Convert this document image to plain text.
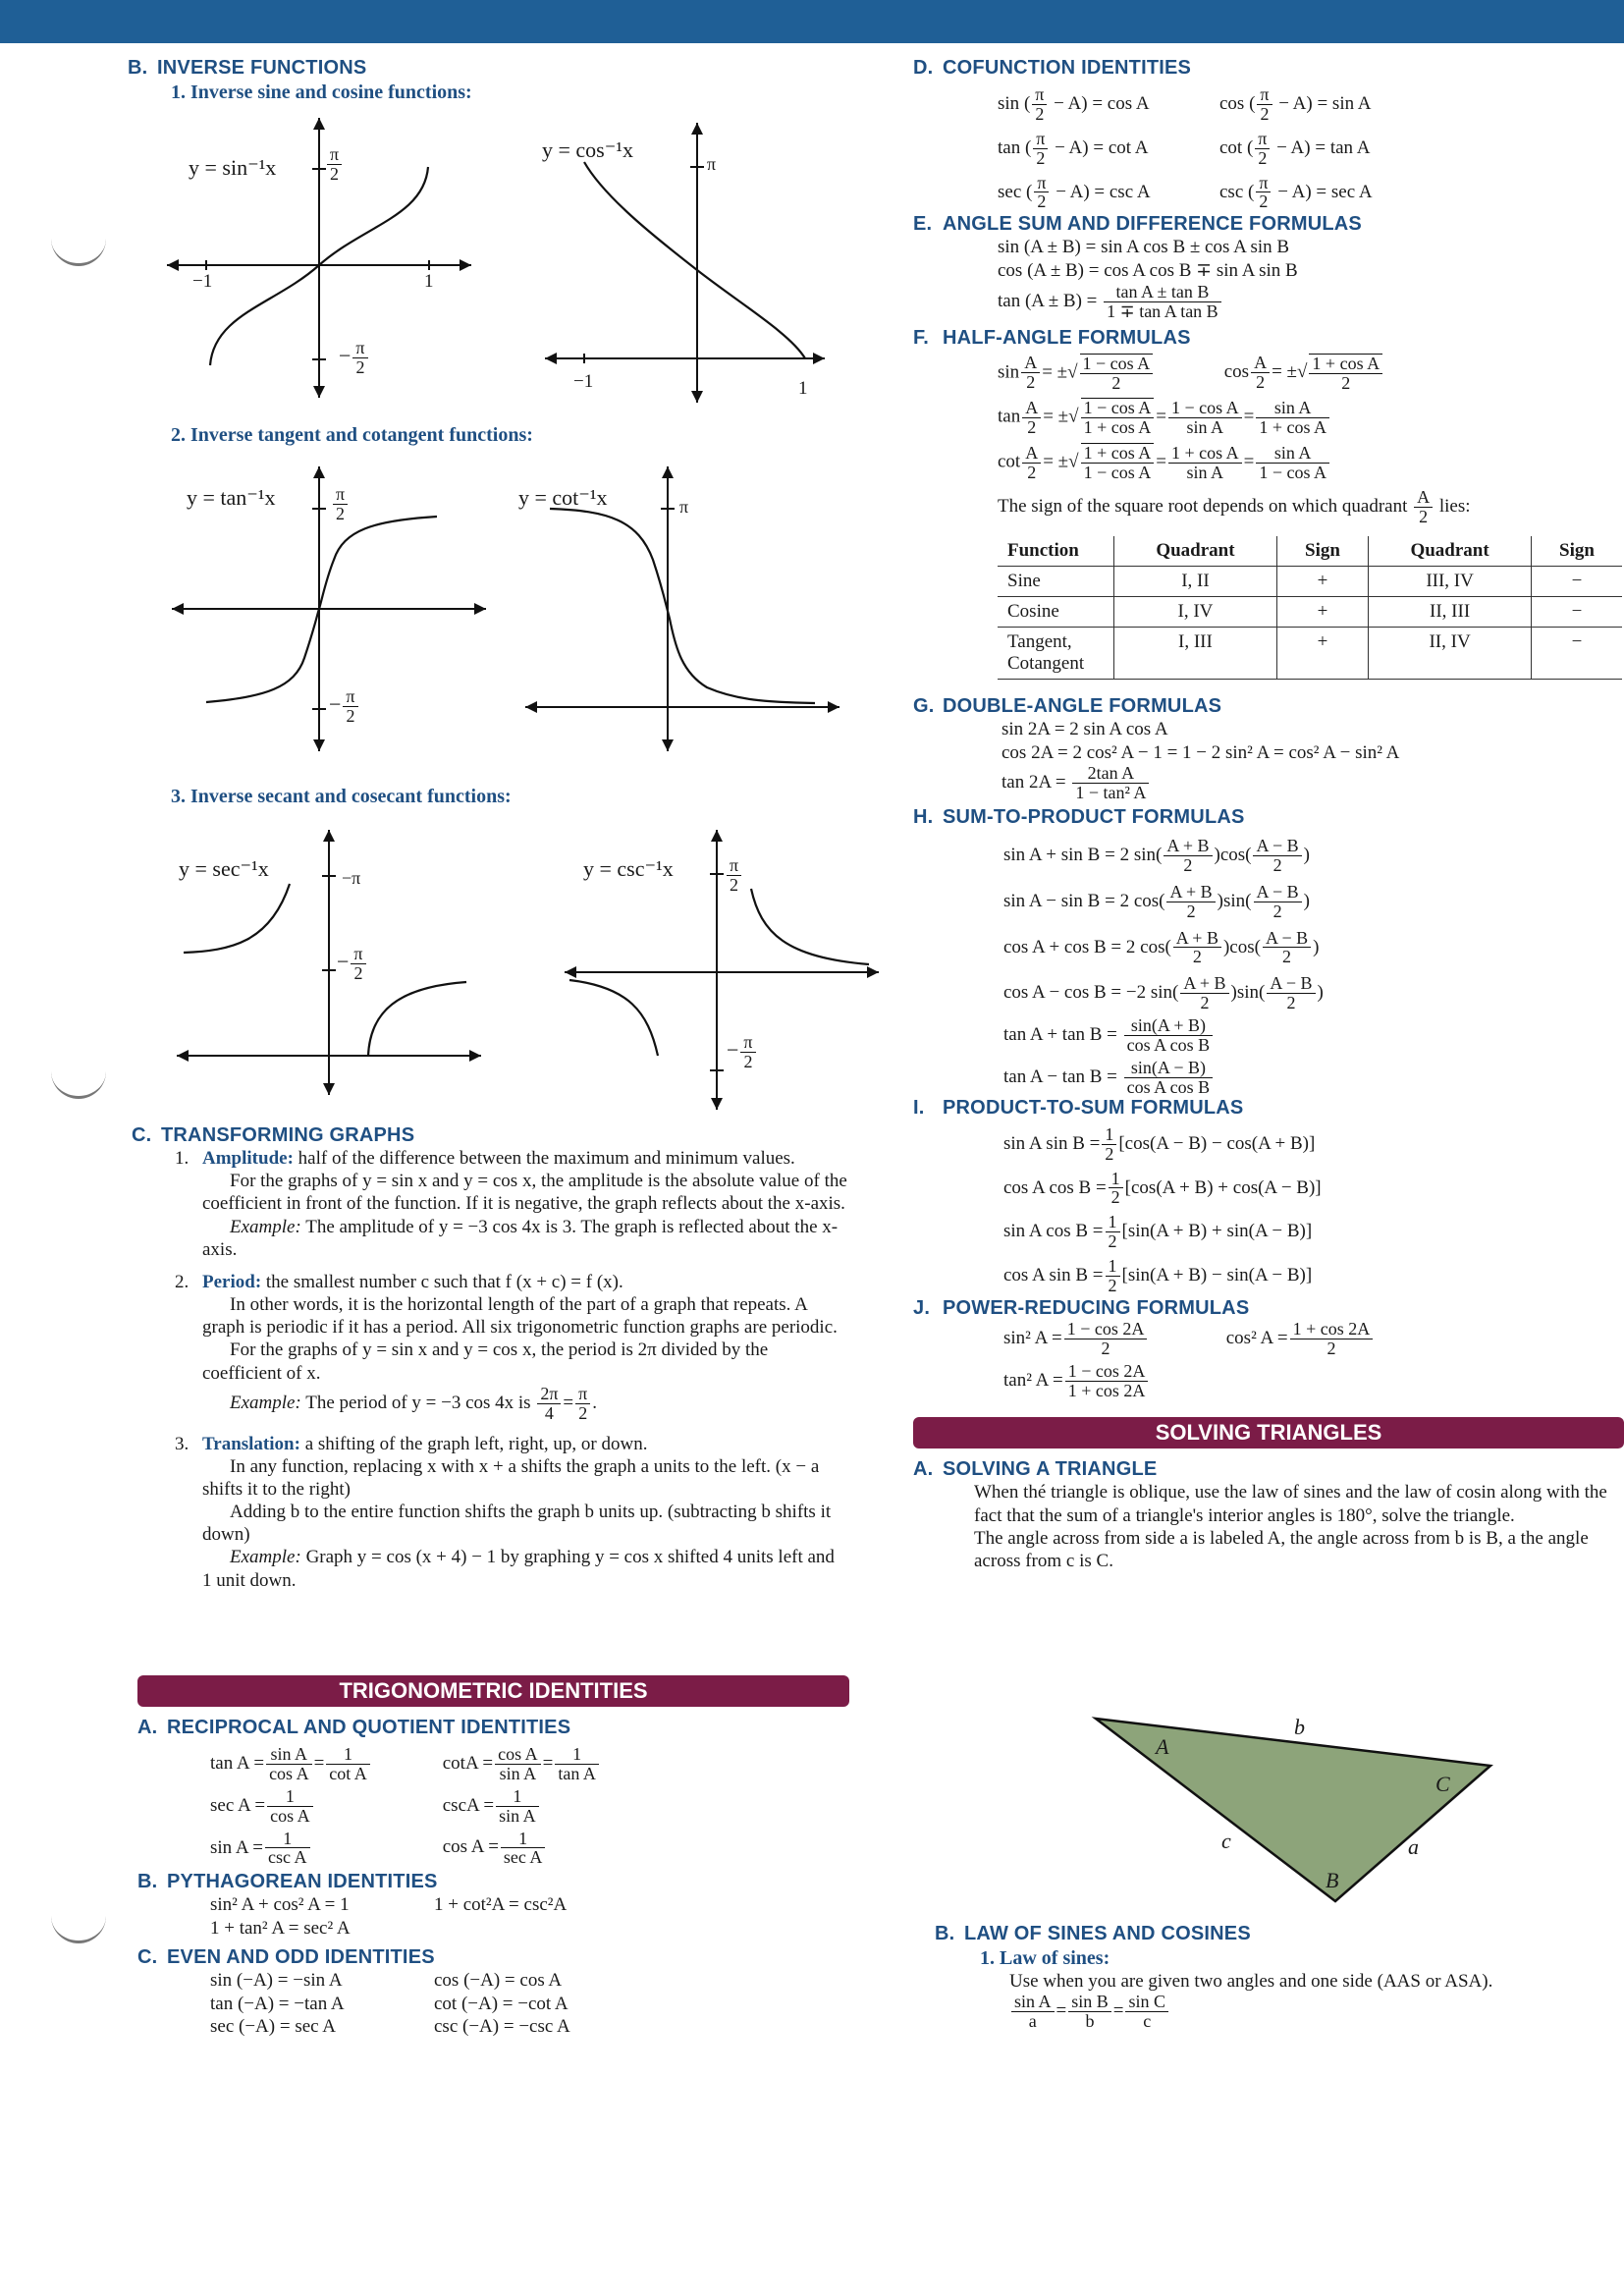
B. INVERSE FUNCTIONS

1. Inverse sine and cosine functions:
y = sin⁻¹x	$\frac{\pi}{2}$
− $\frac{\pi}{2}$
−1	1
y = cos⁻¹x
π
−1	1
2. Inverse tangent and cotangent functions:
y = tan⁻¹x	$\frac{\pi}{2}$
− $\frac{\pi}{2}$
y = cot⁻¹x	π
3. Inverse secant and cosecant functions:
y = sec⁻¹x	−π
− $\frac{\pi}{2}$
y = csc⁻¹x	$\frac{\pi}{2}$
− $\frac{\pi}{2}$

C. TRANSFORMING GRAPHS

1. Amplitude: half of the difference between the maximum and minimum values.
For the graphs of y = sin x and y = cos x, the amplitude is the absolute value of the coefficient in front of the function. If it is negative, the graph reflects about the x-axis.
Example: The amplitude of y = −3 cos 4x is 3. The graph is reflected about the x-axis.
2. Period: the smallest number c such that f (x + c) = f (x).
In other words, it is the horizontal length of the part of a graph that repeats. A graph is periodic if it has a period. All six trigonometric function graphs are periodic.
For the graphs of y = sin x and y = cos x, the period is 2π divided by the coefficient of x.
Example: The period of y = −3 cos 4x is $\frac{2\pi}{4} = \frac{\pi}{2}$ .
3. Translation: a shifting of the graph left, right, up, or down.
In any function, replacing x with x + a shifts the graph a units to the left. (x − a shifts it to the right)
Adding b to the entire function shifts the graph b units up. (subtracting b shifts it down)
Example: Graph y = cos (x + 4) − 1 by graphing y = cos x shifted 4 units left and 1 unit down.
TRIGONOMETRIC IDENTITIES

A. RECIPROCAL AND QUOTIENT IDENTITIES

$\tan A = \frac{\text{sin A}}{\text{cos A}} = \frac{1}{\text{cot A}}$	$\cot A = \frac{\text{cos A}}{\text{sin A}} = \frac{1}{\text{tan A}}$
$\sec A = \frac{1}{\text{cos A}}$	$\csc A = \frac{1}{\text{sin A}}$
$\sin A = \frac{1}{\text{csc A}}$	$\cos A = \frac{1}{\text{sec A}}$

B. PYTHAGOREAN IDENTITIES

sin² A + cos² A = 1	1 + cot²A = csc²A
1 + tan² A = sec² A

C. EVEN AND ODD IDENTITIES

sin (−A) = −sin A	cos (−A) = cos A
tan (−A) = −tan A	cot (−A) = −cot A
sec (−A) = sec A	csc (−A) = −csc A

D. COFUNCTION IDENTITIES

sin ( $\frac{\pi}{2} - A) = \cos A$	cos ( $\frac{\pi}{2} - A) = \sin A$
tan ( $\frac{\pi}{2} - A) = \cot A$	cot ( $\frac{\pi}{2} - A) = \tan A$
sec ( $\frac{\pi}{2} - A) = \csc A$	csc ( $\frac{\pi}{2} - A) = \sec A$

E. ANGLE SUM AND DIFFERENCE FORMULAS

sin (A ± B) = sin A cos B ± cos A sin B
cos (A ± B) = cos A cos B ∓ sin A sin B
$\tan (A \pm B) = \frac{\text{tan A ± tan B}}{\text{1 ∓ tan A tan B}}$

F. HALF-ANGLE FORMULAS

$\sin \frac{A}{2}$ = ±√ $\frac{\text{1 − cos A}}{2}$	$\cos \frac{A}{2}$ = ±√ $\frac{\text{1 + cos A}}{2}$
$\tan \frac{A}{2}$ = ±√ $\frac{\text{1 − cos A}}{\text{1 + cos A}} = \frac{\text{1 − cos A}}{\text{sin A}} = \frac{\text{sin A}}{\text{1 + cos A}}$
$\cot \frac{A}{2}$ = ±√ $\frac{\text{1 + cos A}}{\text{1 − cos A}} = \frac{\text{1 + cos A}}{\text{sin A}} = \frac{\text{sin A}}{\text{1 − cos A}}$
The sign of the square root depends on which quadrant $\frac{A}{2}$ lies:
Function	Quadrant	Sign	Quadrant	Sign
Sine	I, II	+	III, IV	−
Cosine	I, IV	+	II, III	−
Tangent, Cotangent	I, III	+	II, IV	−

G. DOUBLE-ANGLE FORMULAS

sin 2A = 2 sin A cos A
cos 2A = 2 cos² A − 1 = 1 − 2 sin² A = cos² A − sin² A
$\tan 2A = \frac{\text{2tan A}}{\text{1 − tan² A}}$

H. SUM-TO-PRODUCT FORMULAS

sin A + sin B = 2 $\sin( \frac{A + B}{2} )\cos( \frac{A - B}{2}$ )
sin A − sin B = 2 $\cos( \frac{A + B}{2} )\sin( \frac{A - B}{2}$ )
cos A + cos B = 2 $\cos( \frac{A + B}{2} )\cos( \frac{A - B}{2}$ )
cos A − cos B = −2 $\sin( \frac{A + B}{2} )\sin( \frac{A - B}{2}$ )
$\tan A + \tan B = \frac{\sin(A + B)}{\text{cos A cos B}}$
$\tan A - \tan B = \frac{\sin(A - B)}{\text{cos A cos B}}$

I. PRODUCT-TO-SUM FORMULAS

sin A $\sin B = \frac{1}{2} [\cos(A - B) - \cos(A + B)]$
cos A $\cos B = \frac{1}{2} [\cos(A + B) + \cos(A - B)]$
sin A $\cos B = \frac{1}{2} [\sin(A + B) + \sin(A - B)]$
cos A $\sin B = \frac{1}{2} [\sin(A + B) - \sin(A - B)]$

J. POWER-REDUCING FORMULAS

sin² $A = \frac{1 - \cos 2A}{2}$	cos² $A = \frac{1 + \cos 2A}{2}$
tan² $A = \frac{1 - \cos 2A}{1 + \cos 2A}$
SOLVING TRIANGLES

A. SOLVING A TRIANGLE

When thé triangle is oblique, use the law of sines and the law of cosin along with the fact that the sum of a triangle's interior angles is 180°, solve the triangle.
The angle across from side a is labeled A, the angle across from b is B, a the angle across from c is C.
A
B
C
b
c	a

B. LAW OF SINES AND COSINES

1. Law of sines:
Use when you are given two angles and one side (AAS or ASA).
$\frac{\text{sin A}}{a} = \frac{\text{sin B}}{b} = \frac{\text{sin C}}{c}$
